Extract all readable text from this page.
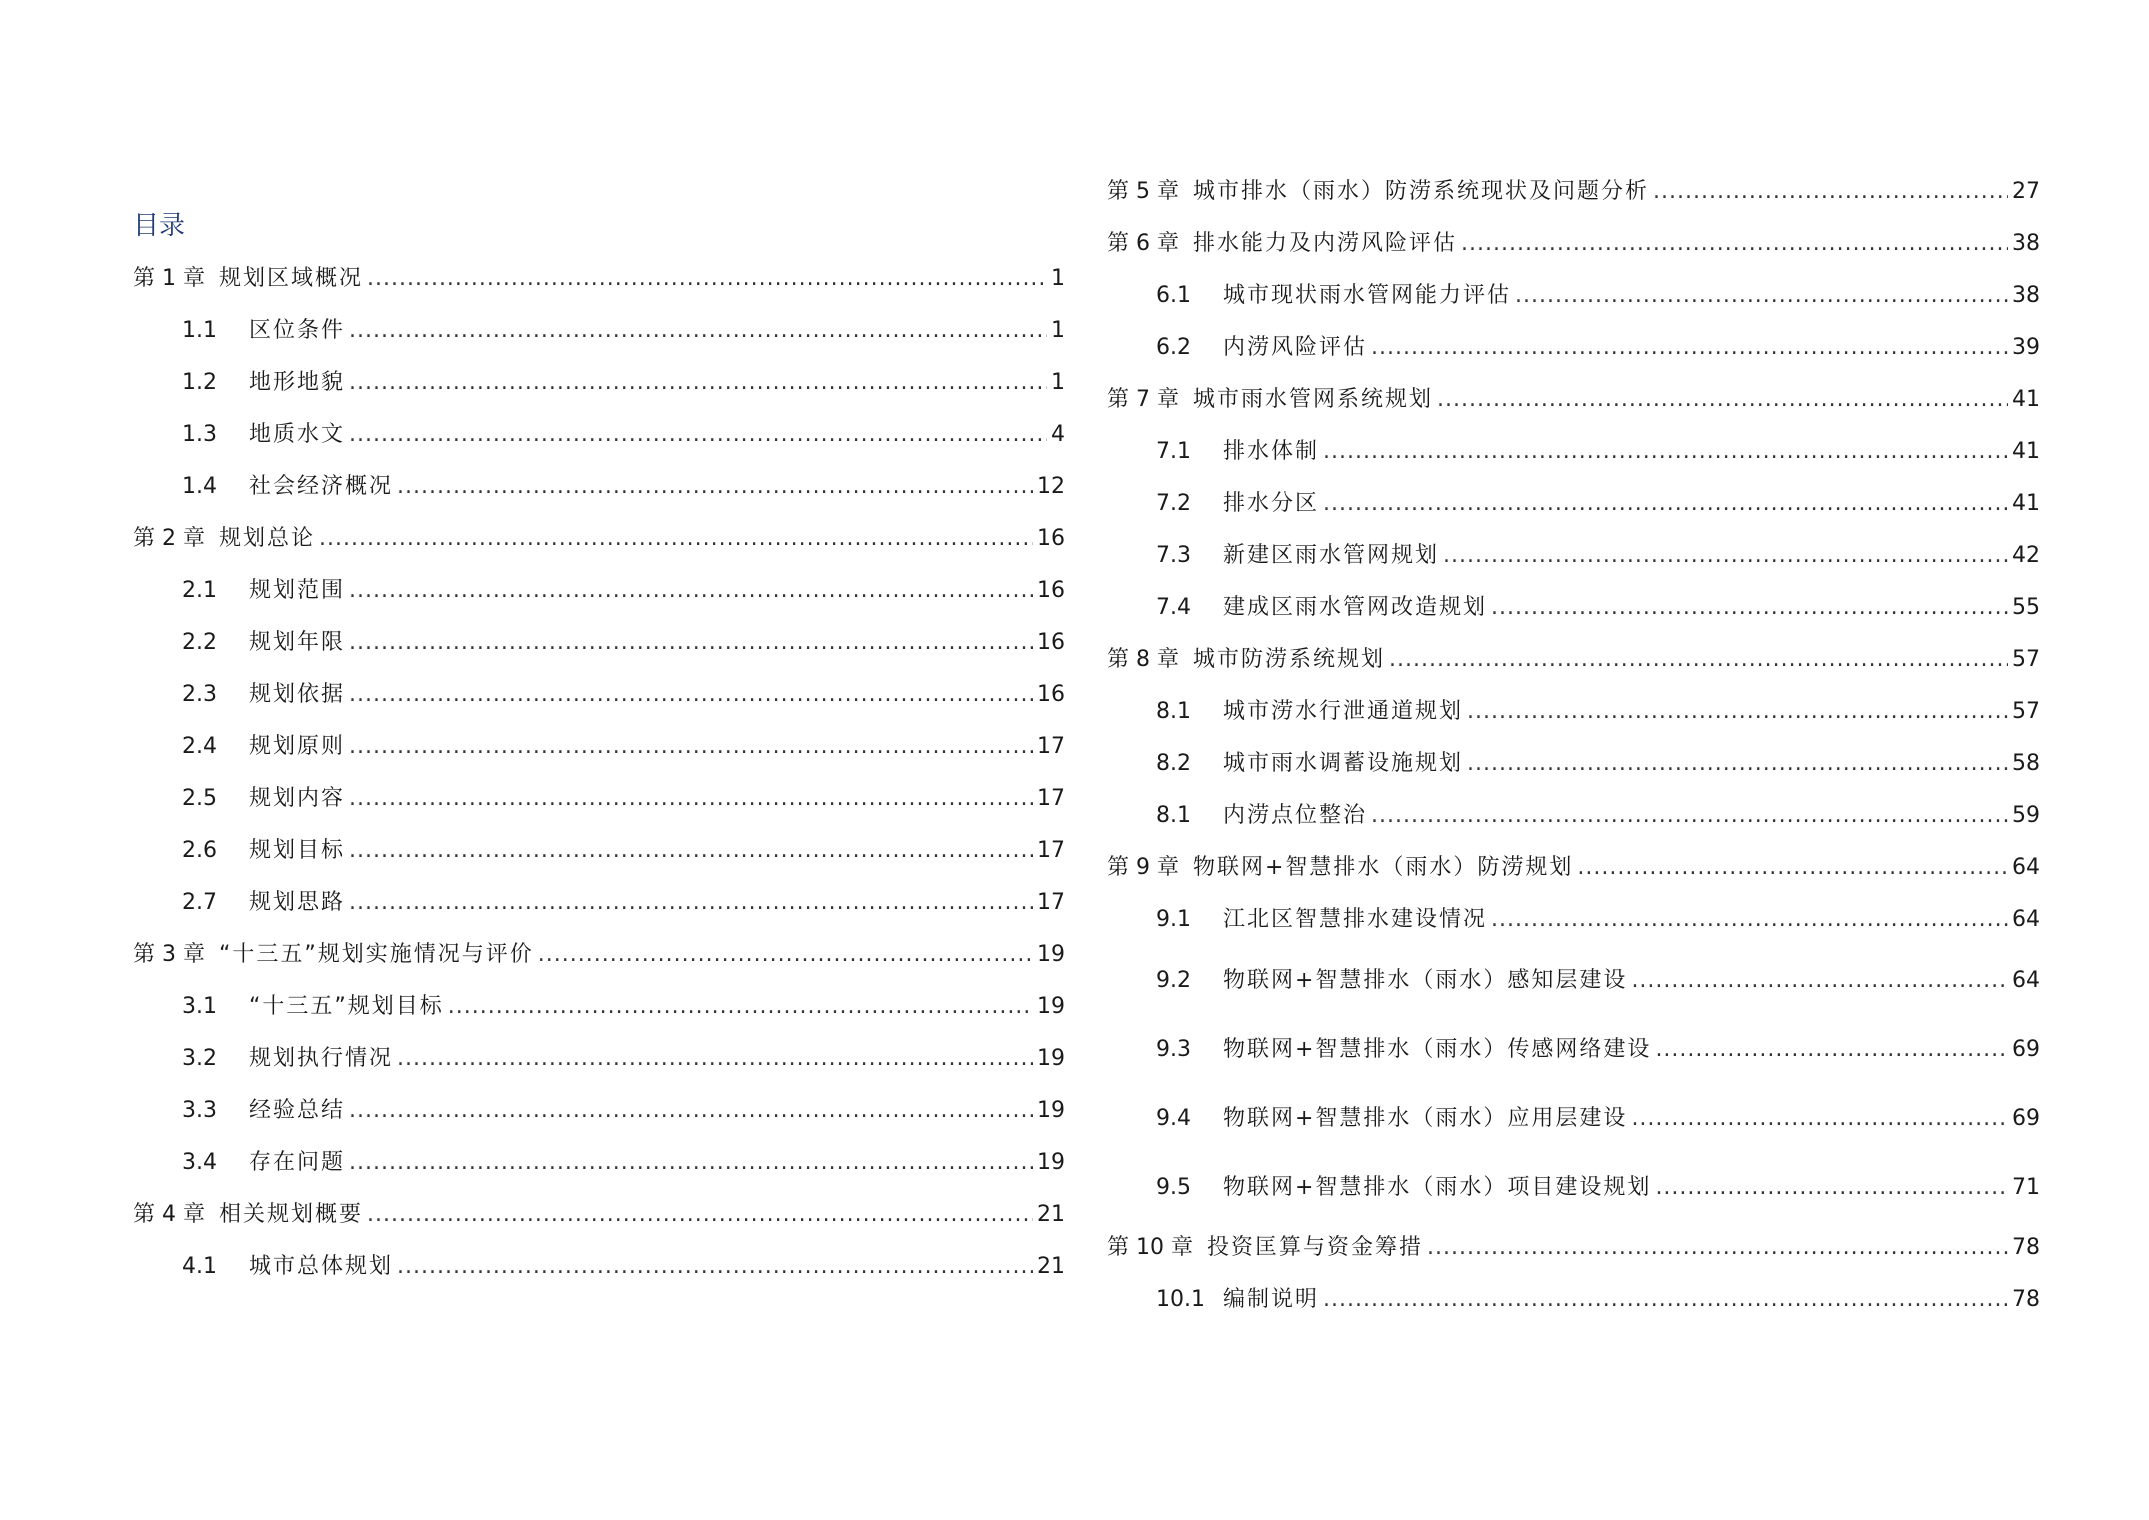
目录
第 1 章 规划区域概况 .....	1
1.1	区位条件 .....	1
1.2	地形地貌 .....	1
1.3	地质水文 .....	4
1.4	社会经济概况 .....	12
第 2 章 规划总论 .....	16
2.1	规划范围 .....	16
2.2	规划年限 .....	16
2.3	规划依据 .....	16
2.4	规划原则 .....	17
2.5	规划内容 .....	17
2.6	规划目标 .....	17
2.7	规划思路 .....	17
第 3 章 “十三五”规划实施情况与评价 .....	19
3.1	“十三五”规划目标 .....	19
3.2	规划执行情况 .....	19
3.3	经验总结 .....	19
3.4	存在问题 .....	19
第 4 章 相关规划概要 .....	21
4.1	城市总体规划 .....	21
第 5 章 城市排水（雨水）防涝系统现状及问题分析 .....	27
第 6 章 排水能力及内涝风险评估 .....	38
6.1	城市现状雨水管网能力评估 .....	38
6.2	内涝风险评估 .....	39
第 7 章 城市雨水管网系统规划 .....	41
7.1	排水体制 .....	41
7.2	排水分区 .....	41
7.3	新建区雨水管网规划 .....	42
7.4	建成区雨水管网改造规划 .....	55
第 8 章 城市防涝系统规划 .....	57
8.1	城市涝水行泄通道规划 .....	57
8.2	城市雨水调蓄设施规划 .....	58
8.1	内涝点位整治 .....	59
第 9 章 物联网+智慧排水（雨水）防涝规划 .....	64
9.1	江北区智慧排水建设情况 .....	64
9.2	物联网+智慧排水（雨水）感知层建设 .....	64
9.3	物联网+智慧排水（雨水）传感网络建设 .....	69
9.4	物联网+智慧排水（雨水）应用层建设 .....	69
9.5	物联网+智慧排水（雨水）项目建设规划 .....	71
第 10 章 投资匡算与资金筹措 .....	78
10.1 编制说明 .....	78
